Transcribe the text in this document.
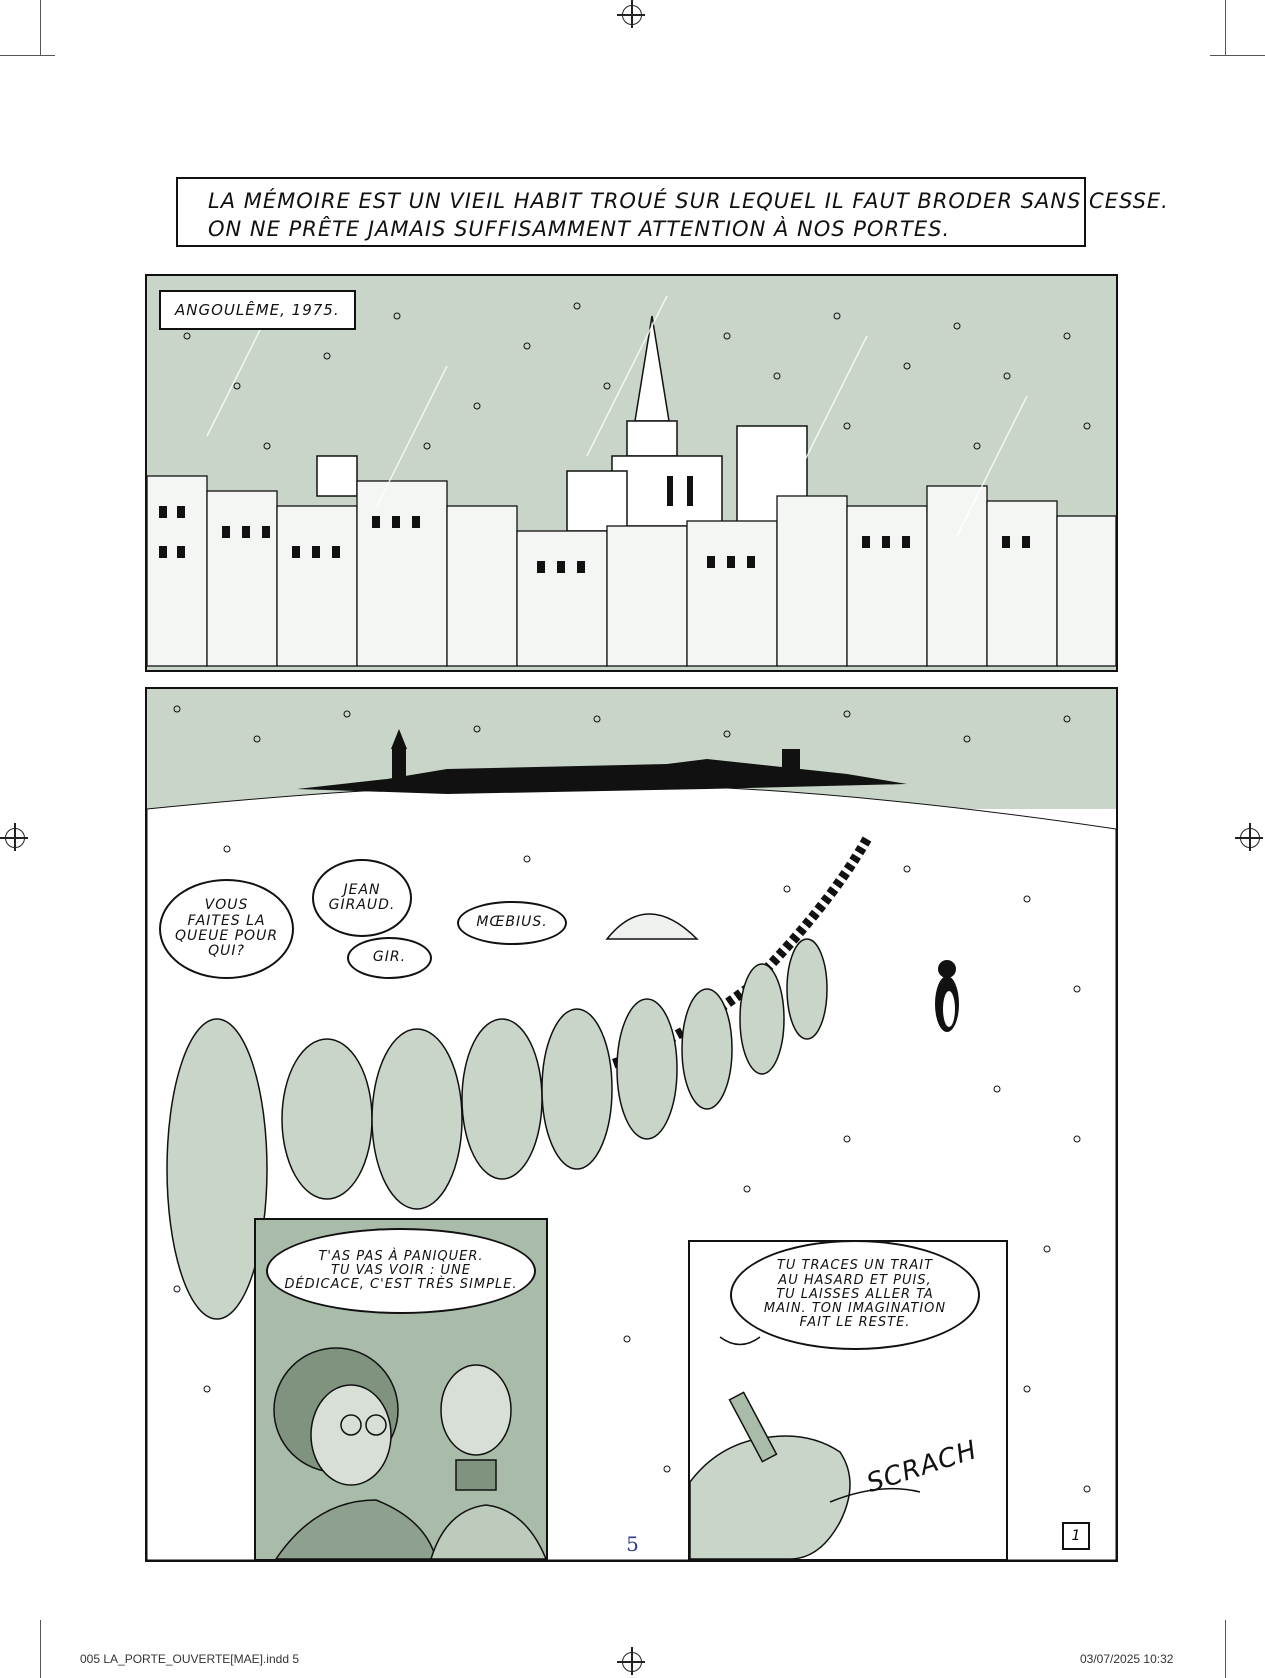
LA MÉMOIRE EST UN VIEIL HABIT TROUÉ SUR LEQUEL IL FAUT BRODER SANS CESSE.
ON NE PRÊTE JAMAIS SUFFISAMMENT ATTENTION À NOS PORTES.
ANGOULÊME, 1975.
VOUS
FAITES LA
QUEUE POUR
QUI?
JEAN
GIRAUD.
GIR.
MŒBIUS.
1
T'AS PAS À PANIQUER.
TU VAS VOIR : UNE
DÉDICACE, C'EST TRÈS SIMPLE.
TU TRACES UN TRAIT
AU HASARD ET PUIS,
TU LAISSES ALLER TA
MAIN. TON IMAGINATION
FAIT LE RESTE.
SCRACH
5
005 LA_PORTE_OUVERTE[MAE].indd 5	03/07/2025 10:32
